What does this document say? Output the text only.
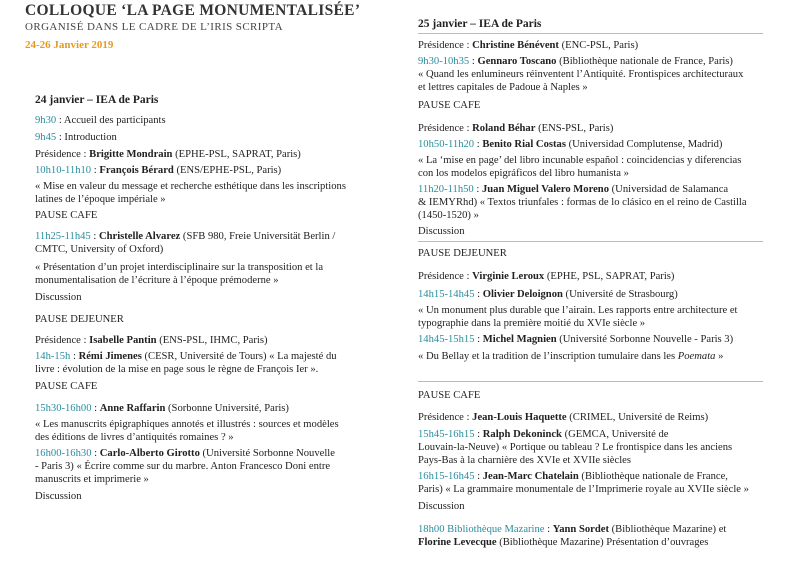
COLLOQUE ‘LA PAGE MONUMENTALISÉE’
ORGANISÉ DANS LE CADRE DE L’IRIS SCRIPTA
24-26 Janvier 2019
24 janvier – IEA de Paris
9h30 : Accueil des participants
9h45 : Introduction
Présidence : Brigitte Mondrain (EPHE-PSL, SAPRAT, Paris)
10h10-11h10 : François Bérard (ENS/EPHE-PSL, Paris)
« Mise en valeur du message et recherche esthétique dans les inscriptions
latines de l’époque impériale »
PAUSE CAFE
11h25-11h45 : Christelle Alvarez (SFB 980, Freie Universität Berlin /
CMTC, University of Oxford)
« Présentation d’un projet interdisciplinaire sur la transposition et la
monumentalisation de l’écriture à l’époque prémoderne »
Discussion
PAUSE DEJEUNER
Présidence : Isabelle Pantin (ENS-PSL, IHMC, Paris)
14h-15h : Rémi Jimenes (CESR, Université de Tours) « La majesté du
livre : évolution de la mise en page sous le règne de François Ier ».
PAUSE CAFE
15h30-16h00 : Anne Raffarin (Sorbonne Université, Paris)
« Les manuscrits épigraphiques annotés et illustrés : sources et modèles
des éditions de livres d’antiquités romaines ? »
16h00-16h30 : Carlo-Alberto Girotto (Université Sorbonne Nouvelle
- Paris 3) « Écrire comme sur du marbre. Anton Francesco Doni entre
manuscrits et imprimerie »
Discussion
25 janvier – IEA de Paris
Présidence : Christine Bénévent (ENC-PSL, Paris)
9h30-10h35 : Gennaro Toscano (Bibliothèque nationale de France, Paris)
« Quand les enlumineurs réinventent l’Antiquité. Frontispices architecturaux
et lettres capitales de Padoue à Naples »
PAUSE CAFE
Présidence : Roland Béhar (ENS-PSL, Paris)
10h50-11h20 : Benito Rial Costas (Universidad Complutense, Madrid)
« La ‘mise en page’ del libro incunable español : coincidencias y diferencias
con los modelos epigráficos del libro humanista »
11h20-11h50 : Juan Miguel Valero Moreno (Universidad de Salamanca
& IEMYRhd) « Textos triunfales : formas de lo clásico en el reino de Castilla
(1450-1520) »
Discussion
PAUSE DEJEUNER
Présidence : Virginie Leroux (EPHE, PSL, SAPRAT, Paris)
14h15-14h45 : Olivier Deloignon (Université de Strasbourg)
« Un monument plus durable que l’airain. Les rapports entre architecture et
typographie dans la première moitié du XVIe siècle »
14h45-15h15 : Michel Magnien (Université Sorbonne Nouvelle - Paris 3)
« Du Bellay et la tradition de l’inscription tumulaire dans les Poemata »
PAUSE CAFE
Présidence : Jean-Louis Haquette (CRIMEL, Université de Reims)
15h45-16h15 : Ralph Dekoninck (GEMCA, Université de
Louvain-la-Neuve) « Portique ou tableau ? Le frontispice dans les anciens
Pays-Bas à la charnière des XVIe et XVIIe siècles
16h15-16h45 : Jean-Marc Chatelain (Bibliothèque nationale de France,
Paris) « La grammaire monumentale de l’Imprimerie royale au XVIIe siècle »
Discussion
18h00 Bibliothèque Mazarine : Yann Sordet (Bibliothèque Mazarine) et
Florine Levecque (Bibliothèque Mazarine) Présentation d’ouvrages
